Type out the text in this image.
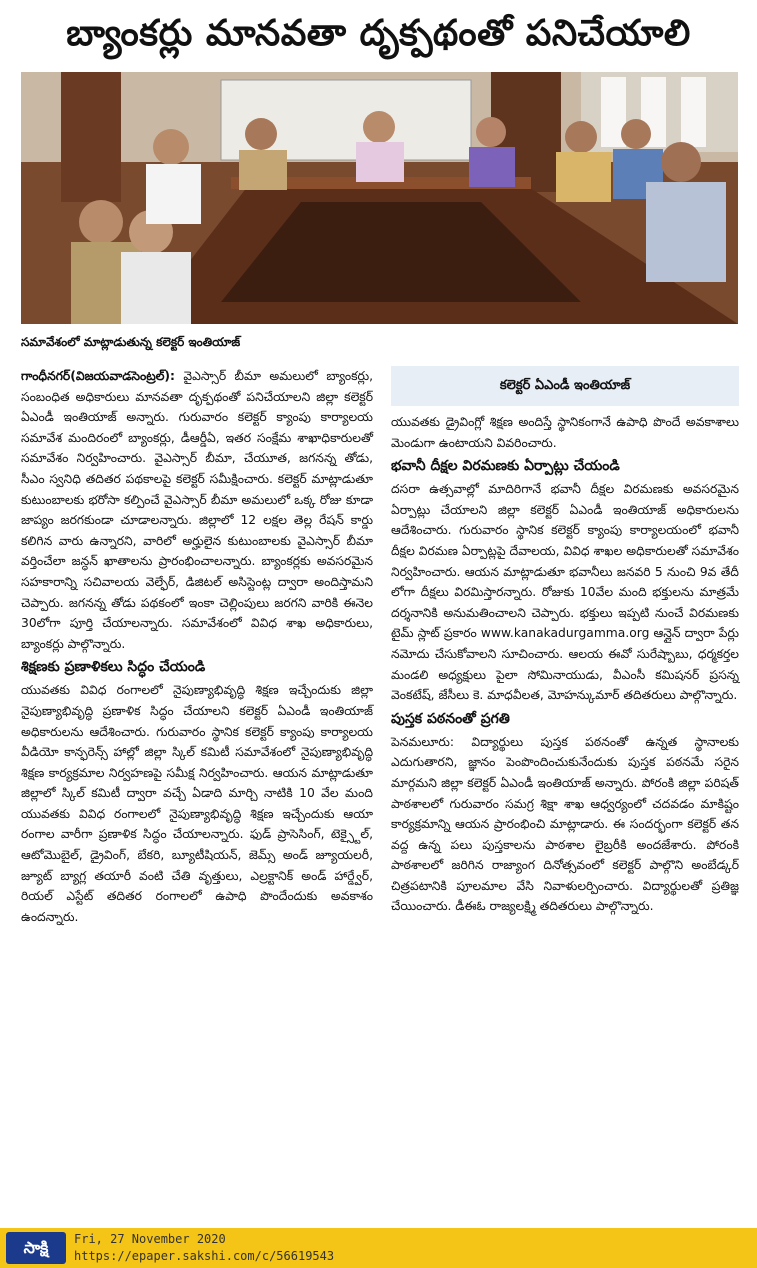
బ్యాంకర్లు మానవతా దృక్పథంతో పనిచేయాలి
సమావేశంలో మాట్లాడుతున్న కలెక్టర్ ఇంతియాజ్

గాంధీనగర్(విజయవాడసెంట్రల్): వైఎస్సార్ బీమా అమలులో బ్యాంకర్లు, సంబంధిత అధికారులు మానవతా దృక్పథంతో పనిచేయాలని జిల్లా కలెక్టర్ ఏఎండీ ఇంతియాజ్ అన్నారు. గురువారం కలెక్టర్ క్యాంపు కార్యాలయ సమావేశ మందిరంలో బ్యాంకర్లు, డీఆర్డీఏ, ఇతర సంక్షేమ శాఖాధికారులతో సమావేశం నిర్వహించారు. వైఎస్సార్ బీమా, చేయూత, జగనన్న తోడు, సీఎం స్వనిధి తదితర పథకాలపై కలెక్టర్ సమీక్షించారు. కలెక్టర్ మాట్లాడుతూ కుటుంబాలకు భరోసా కల్పించే వైఎస్సార్ బీమా అమలులో ఒక్క రోజు కూడా జాప్యం జరగకుండా చూడాలన్నారు. జిల్లాలో 12 లక్షల తెల్ల రేషన్ కార్డు కలిగిన వారు ఉన్నారని, వారిలో అర్హులైన కుటుంబాలకు వైఎస్సార్ బీమా వర్తించేలా జన్ధన్ ఖాతాలను ప్రారంభించాలన్నారు. బ్యాంకర్లకు అవసరమైన సహకారాన్ని సచివాలయ వెల్ఫేర్, డిజిటల్ అసిస్టెంట్ల ద్వారా అందిస్తామని చెప్పారు. జగనన్న తోడు పథకంలో ఇంకా చెల్లింపులు జరగని వారికి ఈనెల 30లోగా పూర్తి చేయాలన్నారు. సమావేశంలో వివిధ శాఖ అధికారులు, బ్యాంకర్లు పాల్గొన్నారు.

శిక్షణకు ప్రణాళికలు సిద్ధం చేయండి

యువతకు వివిధ రంగాలలో నైపుణ్యాభివృద్ధి శిక్షణ ఇచ్చేందుకు జిల్లా నైపుణ్యాభివృద్ధి ప్రణాళిక సిద్ధం చేయాలని కలెక్టర్ ఏఎండీ ఇంతియాజ్ అధికారులను ఆదేశించారు. గురువారం స్థానిక కలెక్టర్ క్యాంపు కార్యాలయ వీడియో కాన్ఫరెన్స్ హాల్లో జిల్లా స్కిల్ కమిటీ సమావేశంలో నైపుణ్యాభివృద్ధి శిక్షణ కార్యక్రమాల నిర్వహణపై సమీక్ష నిర్వహించారు. ఆయన మాట్లాడుతూ జిల్లాలో స్కిల్ కమిటీ ద్వారా వచ్చే ఏడాది మార్చి నాటికి 10 వేల మంది యువతకు వివిధ రంగాలలో నైపుణ్యాభివృద్ధి శిక్షణ ఇచ్చేందుకు ఆయా రంగాల వారీగా ప్రణాళిక సిద్ధం చేయాలన్నారు. ఫుడ్ ప్రాసెసింగ్, టెక్స్టైల్, ఆటోమొబైల్, డ్రైవింగ్, బేకరి, బ్యూటీషియన్, జెమ్స్ అండ్ జ్యూయలరీ, జ్యూట్ బ్యాగ్ల తయారీ వంటి చేతి వృత్తులు, ఎల్రక్టానిక్ అండ్ హార్డ్వేర్, రియల్ ఎస్టేట్ తదితర రంగాలలో ఉపాధి పొందేందుకు అవకాశం ఉందన్నారు.

కలెక్టర్ ఏఎండీ ఇంతియాజ్

యువతకు డ్రైవింగ్లో శిక్షణ అందిస్తే స్థానికంగానే ఉపాధి పొందే అవకాశాలు మెండుగా ఉంటాయని వివరించారు.

భవానీ దీక్షల విరమణకు ఏర్పాట్లు చేయండి

దసరా ఉత్సవాల్లో మాదిరిగానే భవానీ దీక్షల విరమణకు అవసరమైన ఏర్పాట్లు చేయాలని జిల్లా కలెక్టర్ ఏఎండీ ఇంతియాజ్ అధికారులను ఆదేశించారు. గురువారం స్థానిక కలెక్టర్ క్యాంపు కార్యాలయంలో భవానీ దీక్షల విరమణ ఏర్పాట్లపై దేవాలయ, వివిధ శాఖల అధికారులతో సమావేశం నిర్వహించారు. ఆయన మాట్లాడుతూ భవానీలు జనవరి 5 నుంచి 9వ తేదీ లోగా దీక్షలు విరమిస్తారన్నారు. రోజుకు 10వేల మంది భక్తులను మాత్రమే దర్శనానికి అనుమతించాలని చెప్పారు. భక్తులు ఇప్పటి నుంచే విరమణకు టైమ్ స్లాట్ ప్రకారం www.kanakadurgamma.org ఆన్లైన్ ద్వారా పేర్లు నమోదు చేసుకోవాలని సూచించారు. ఆలయ ఈవో సురేష్బాబు, ధర్మకర్తల మండలి అధ్యక్షులు పైలా సోమినాయుడు, వీఎంసీ కమిషనర్ ప్రసన్న వెంకటేష్, జేసీలు కె. మాధవీలత, మోహన్కుమార్ తదితరులు పాల్గొన్నారు.

పుస్తక పఠనంతో ప్రగతి

పెనమలూరు: విద్యార్థులు పుస్తక పఠనంతో ఉన్నత స్థానాలకు ఎదుగుతారని, జ్ఞానం పెంపొందించుకునేందుకు పుస్తక పఠనమే సరైన మార్గమని జిల్లా కలెక్టర్ ఏఎండీ ఇంతియాజ్ అన్నారు. పోరంకి జిల్లా పరిషత్ పాఠశాలలో గురువారం సమగ్ర శిక్షా శాఖ ఆధ్వర్యంలో చదవడం మాకిష్టం కార్యక్రమాన్ని ఆయన ప్రారంభించి మాట్లాడారు. ఈ సందర్భంగా కలెక్టర్ తన వద్ద ఉన్న పలు పుస్తకాలను పాఠశాల లైబ్రరీకి అందజేశారు. పోరంకి పాఠశాలలో జరిగిన రాజ్యాంగ దినోత్సవంలో కలెక్టర్ పాల్గొని అంబేడ్కర్ చిత్రపటానికి పూలమాల వేసి నివాళులర్పించారు. విద్యార్థులతో ప్రతిజ్ఞ చేయించారు. డీఈఓ రాజ్యలక్ష్మి తదితరులు పాల్గొన్నారు.

సాక్షి	Fri, 27 November 2020
https://epaper.sakshi.com/c/56619543
